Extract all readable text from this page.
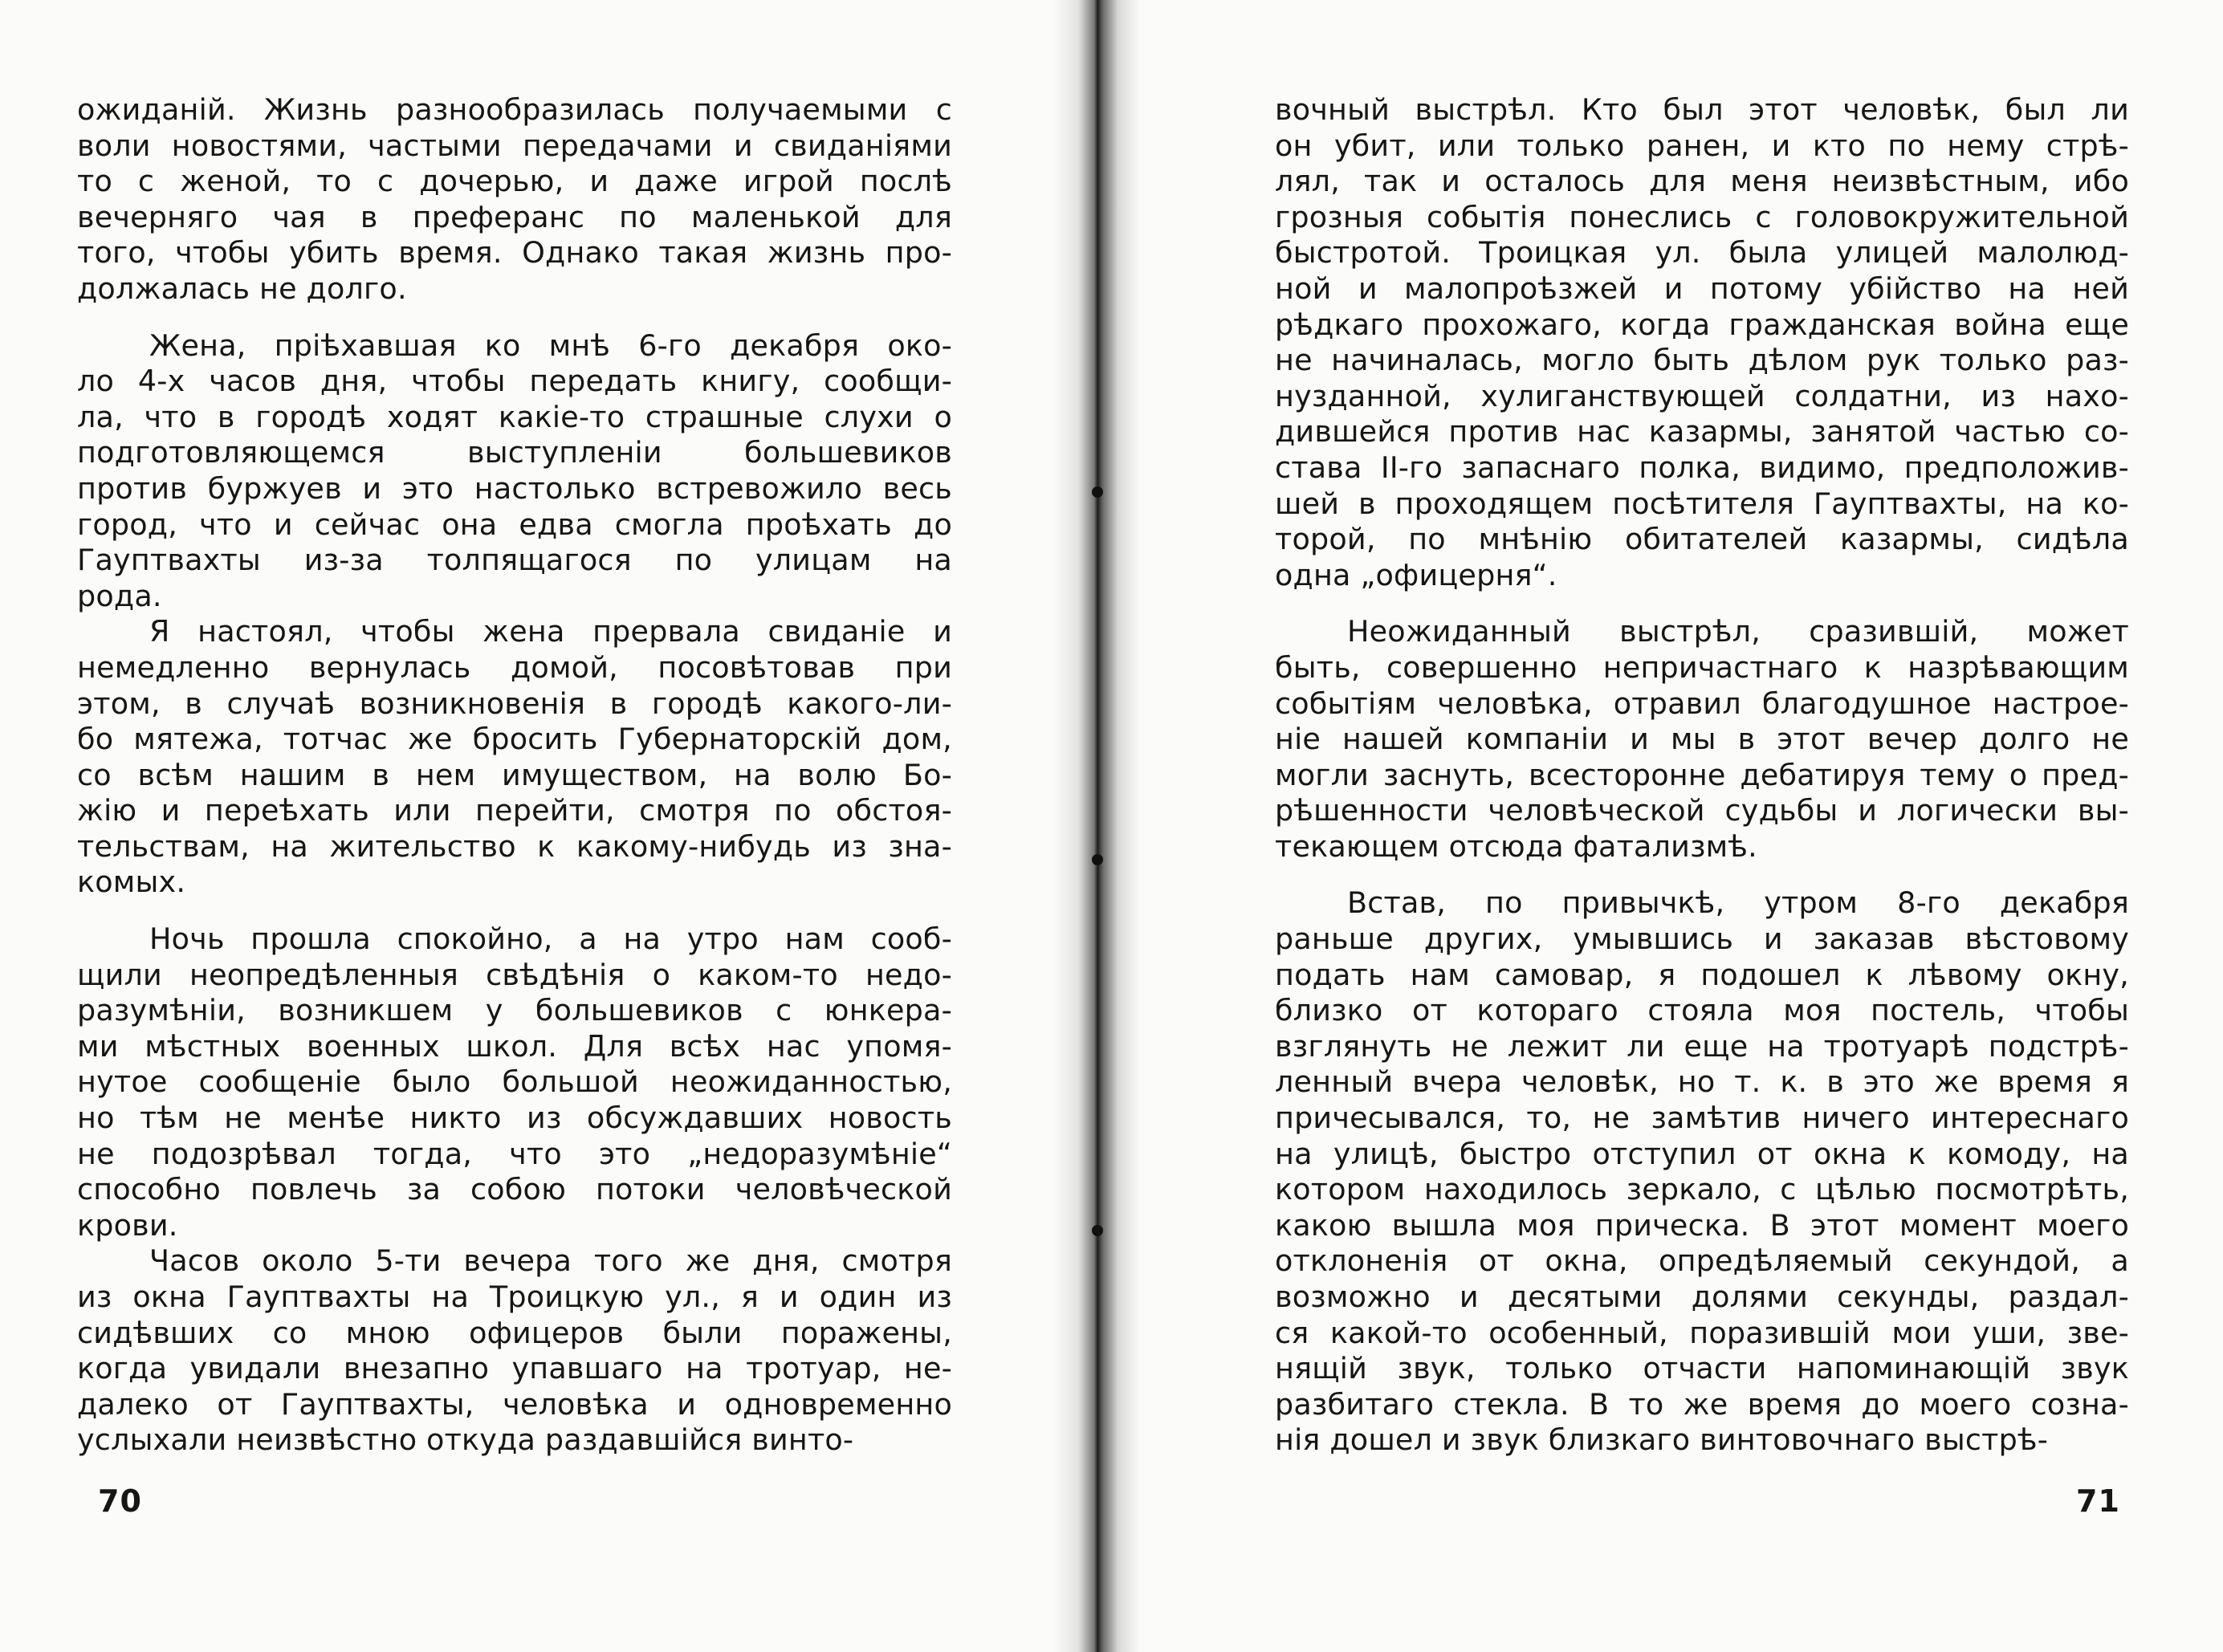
ожиданій. Жизнь разнообразилась получаемыми с
воли новостями, частыми передачами и свиданіями
то с женой, то с дочерью, и даже игрой послѣ
вечерняго чая в преферанс по маленькой для
того, чтобы убить время. Однако такая жизнь про-
должалась не долго.
Жена, пріѣхавшая ко мнѣ 6-го декабря око-
ло 4-х часов дня, чтобы передать книгу, сообщи-
ла, что в городѣ ходят какіе-то страшные слухи о
подготовляющемся выступленіи большевиков
против буржуев и это настолько встревожило весь
город, что и сейчас она едва смогла проѣхать до
Гауптвахты из-за толпящагося по улицам на
рода.
Я настоял, чтобы жена прервала свиданіе и
немедленно вернулась домой, посовѣтовав при
этом, в случаѣ возникновенія в городѣ какого-ли-
бо мятежа, тотчас же бросить Губернаторскій дом,
со всѣм нашим в нем имуществом, на волю Бо-
жію и переѣхать или перейти, смотря по обстоя-
тельствам, на жительство к какому-нибудь из зна-
комых.
Ночь прошла спокойно, а на утро нам сооб-
щили неопредѣленныя свѣдѣнія о каком-то недо-
разумѣніи, возникшем у большевиков с юнкера-
ми мѣстных военных школ. Для всѣх нас упомя-
нутое сообщеніе было большой неожиданностью,
но тѣм не менѣе никто из обсуждавших новость
не подозрѣвал тогда, что это „недоразумѣніе“
способно повлечь за собою потоки человѣческой
крови.
Часов около 5-ти вечера того же дня, смотря
из окна Гауптвахты на Троицкую ул., я и один из
сидѣвших со мною офицеров были поражены,
когда увидали внезапно упавшаго на тротуар, не-
далеко от Гауптвахты, человѣка и одновременно
услыхали неизвѣстно откуда раздавшійся винто-
70
вочный выстрѣл. Кто был этот человѣк, был ли
он убит, или только ранен, и кто по нему стрѣ-
лял, так и осталось для меня неизвѣстным, ибо
грозныя событія понеслись с головокружительной
быстротой. Троицкая ул. была улицей малолюд-
ной и малопроѣзжей и потому убійство на ней
рѣдкаго прохожаго, когда гражданская война еще
не начиналась, могло быть дѣлом рук только раз-
нузданной, хулиганствующей солдатни, из нахо-
дившейся против нас казармы, занятой частью со-
става II-го запаснаго полка, видимо, предположив-
шей в проходящем посѣтителя Гауптвахты, на ко-
торой, по мнѣнію обитателей казармы, сидѣла
одна „офицерня“.
Неожиданный выстрѣл, сразившій, может
быть, совершенно непричастнаго к назрѣвающим
событіям человѣка, отравил благодушное настрое-
ніе нашей компаніи и мы в этот вечер долго не
могли заснуть, всесторонне дебатируя тему о пред-
рѣшенности человѣческой судьбы и логически вы-
текающем отсюда фатализмѣ.
Встав, по привычкѣ, утром 8-го декабря
раньше других, умывшись и заказав вѣстовому
подать нам самовар, я подошел к лѣвому окну,
близко от котораго стояла моя постель, чтобы
взглянуть не лежит ли еще на тротуарѣ подстрѣ-
ленный вчера человѣк, но т. к. в это же время я
причесывался, то, не замѣтив ничего интереснаго
на улицѣ, быстро отступил от окна к комоду, на
котором находилось зеркало, с цѣлью посмотрѣть,
какою вышла моя прическа. В этот момент моего
отклоненія от окна, опредѣляемый секундой, а
возможно и десятыми долями секунды, раздал-
ся какой-то особенный, поразившій мои уши, зве-
нящій звук, только отчасти напоминающій звук
разбитаго стекла. В то же время до моего созна-
нія дошел и звук близкаго винтовочнаго выстрѣ-
71
